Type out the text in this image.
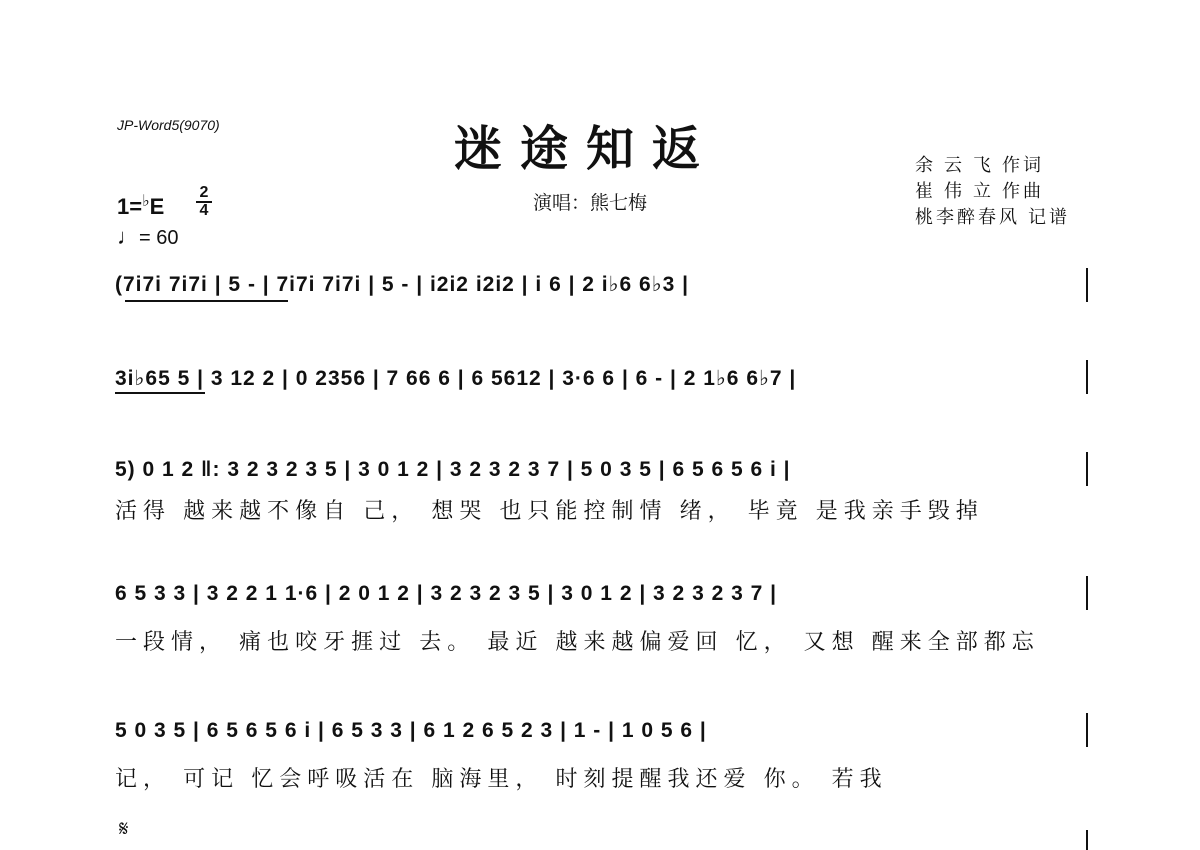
JP-Word5(9070)	迷途知返
演唱：熊七梅
余 云 飞 作词
崔 伟 立 作曲
桃李醉春风 记谱
1=♭E
2
4
♩= 60
(7i7i 7i7i | 5 - | 7i7i 7i7i | 5 - | i2i2 i2i2 | i 6 | 2 i♭6 6♭3 |
3i♭65 5 | 3 12 2 | 0 2356 | 7 66 6 | 6 5612 | 3·6 6 | 6 - | 2 1♭6 6♭7 |
5) 0 1 2 ‖: 3 2 3 2 3 5 | 3 0 1 2 | 3 2 3 2 3 7 | 5 0 3 5 | 6 5 6 5 6 i |
活得 越来越不像自 己， 想哭 也只能控制情 绪， 毕竟 是我亲手毁掉
6 5 3 3 | 3 2 2 1 1·6 | 2 0 1 2 | 3 2 3 2 3 5 | 3 0 1 2 | 3 2 3 2 3 7 |
一段情， 痛也咬牙捱过 去。 最近 越来越偏爱回 忆， 又想 醒来全部都忘
5 0 3 5 | 6 5 6 5 6 i | 6 5 3 3 | 6 1 2 6 5 2 3 | 1 - | 1 0 5 6 |
记， 可记 忆会呼吸活在 脑海里， 时刻提醒我还爱 你。 若我
𝄋
